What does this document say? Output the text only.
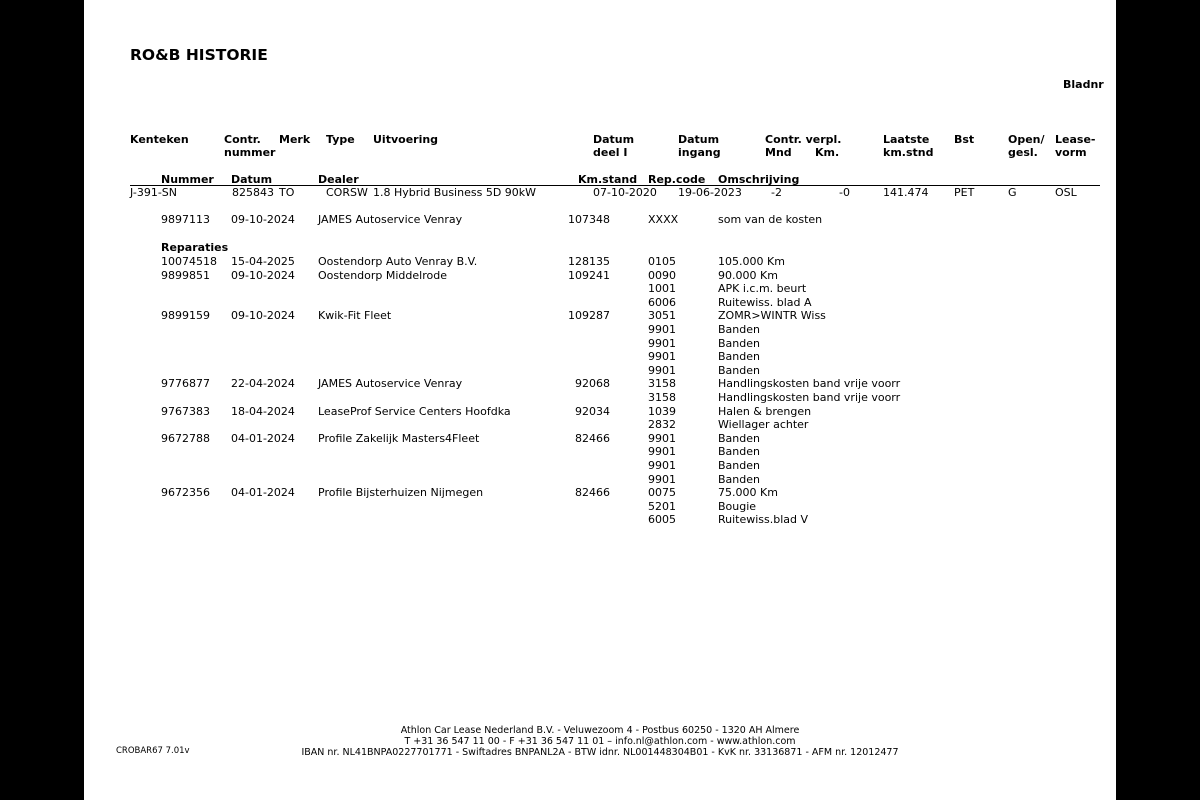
RO&B HISTORIE
Bladnr
Kenteken	Contr.
nummer
Merk Type Uitvoering	Datum
deel I
Datum
ingang
Contr. verpl.
Mnd Km.
Laatste
km.stnd
Bst	Open/
gesl.
Lease-
vorm
Nummer Datum	Dealer	Km.stand Rep.code Omschrijving
J-391-SN	825843 TO	CORSW 1.8 Hybrid Business 5D 90kW	07-10-2020 19-06-2023	-2	-0	141.474 PET	G	OSL
9897113 09-10-2024 JAMES Autoservice Venray	107348	XXXX	som van de kosten
Reparaties
10074518 15-04-2025 Oostendorp Auto Venray B.V.	128135	0105	105.000 Km
9899851 09-10-2024 Oostendorp Middelrode	109241	0090	90.000 Km
1001	APK i.c.m. beurt
6006	Ruitewiss. blad A
9899159 09-10-2024 Kwik-Fit Fleet	109287	3051	ZOMR>WINTR Wiss
9901	Banden
9901	Banden
9901	Banden
9901	Banden
9776877 22-04-2024 JAMES Autoservice Venray	92068	3158	Handlingskosten band vrije voorr
3158	Handlingskosten band vrije voorr
9767383 18-04-2024 LeaseProf Service Centers Hoofdka	92034	1039	Halen & brengen
2832	Wiellager achter
9672788 04-01-2024 Profile Zakelijk Masters4Fleet	82466	9901	Banden
9901	Banden
9901	Banden
9901	Banden
9672356 04-01-2024 Profile Bijsterhuizen Nijmegen	82466	0075	75.000 Km
5201	Bougie
6005	Ruitewiss.blad V
Athlon Car Lease Nederland B.V. - Veluwezoom 4 - Postbus 60250 - 1320 AH Almere
T +31 36 547 11 00 - F +31 36 547 11 01 – info.nl@athlon.com - www.athlon.com
IBAN nr. NL41BNPA0227701771 - Swiftadres BNPANL2A - BTW idnr. NL001448304B01 - KvK nr. 33136871 - AFM nr. 12012477
CROBAR67 7.01v
